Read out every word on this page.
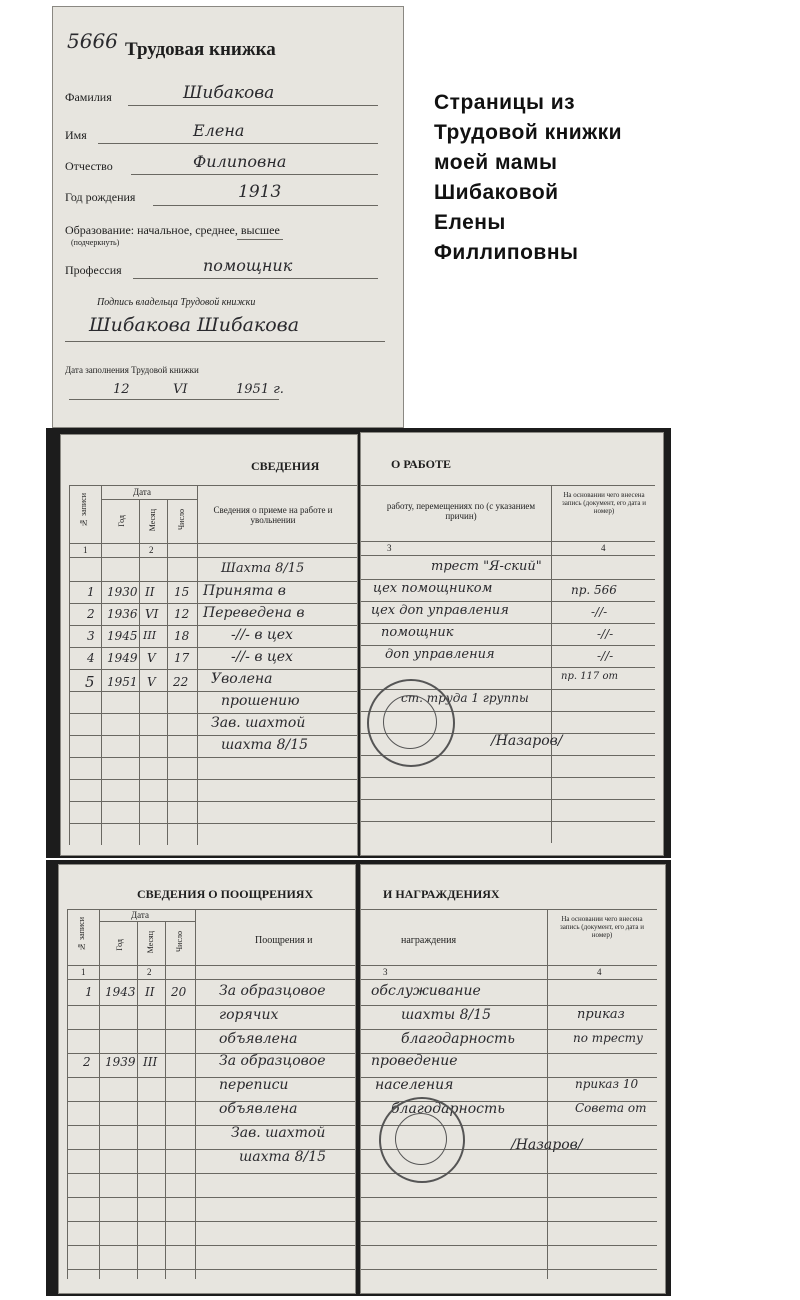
Страницы из
Трудовой книжки
моей мамы
Шибаковой
Елены
Филлиповны
5666 Трудовая книжка
Фамилия	Шибакова
Имя	Елена
Отчество	Филиповна
Год рождения	1913
Образование: начальное, среднее, высшее
(подчеркнуть)
Профессия	помощник
Подпись владельца Трудовой книжки
Шибакова Шибакова
Дата заполнения Трудовой книжки
12	VI	1951 г.
СВЕДЕНИЯ
№ записи
Дата
Год	Месяц	Число	Сведения о приеме на работе и увольнении
1	2
Шахта 8/15
1 1930 II 15 Принята в
2 1936 VI 12 Переведена в
3 1945 III 18	-//- в цех
4 1949 V 17	-//- в цех
5 1951 V 22 Уволена
прошению
Зав. шахтой
шахта 8/15
О РАБОТЕ
работу, перемещениях по (с указанием причин)
На основании чего внесена запись (документ, его дата и номер)
3	4
трест "Я-ский"
цех помощником	пр. 566
цех доп управления	-//-
помощник	-//-
доп управления	-//-
ст. труда 1 группы
пр. 117 от
/Назаров/
СВЕДЕНИЯ О ПООЩРЕНИЯХ
№ записи
Дата
Год	Месяц	Число	Поощрения и
1	2
1 1943 II 20 За образцовое
горячих
объявлена
2 1939 III	За образцовое
переписи
объявлена
Зав. шахтой
шахта 8/15
И НАГРАЖДЕНИЯХ
награждения
На основании чего внесена запись (документ, его дата и номер)
3	4
обслуживание
шахты 8/15	приказ
благодарность	по тресту
проведение
населения	приказ 10
благодарность	Совета от
/Назаров/
